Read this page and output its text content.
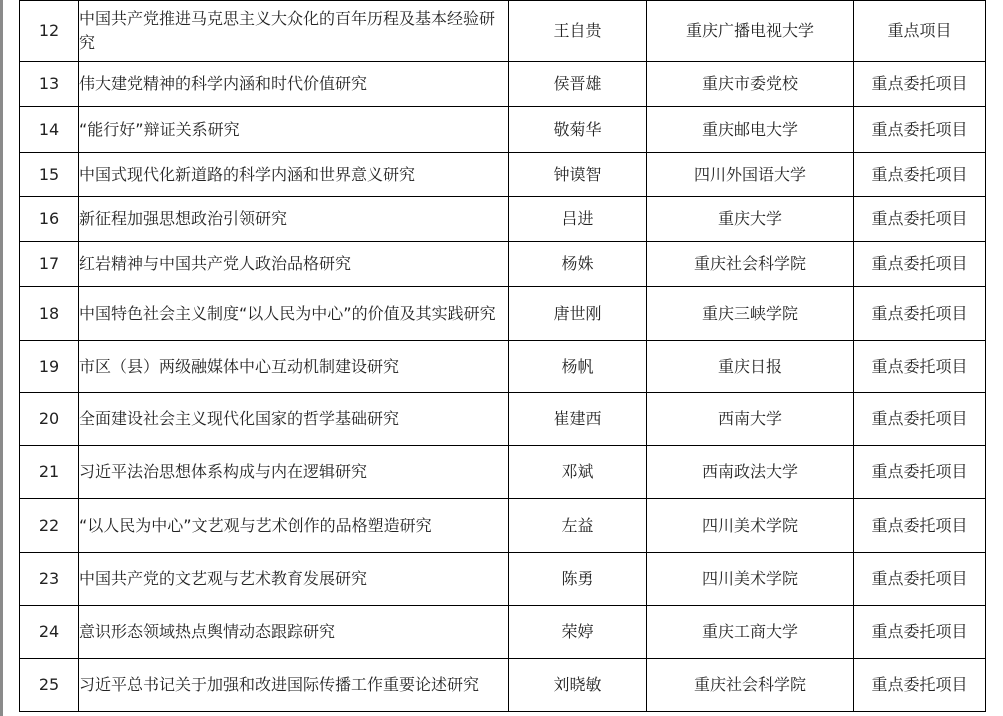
12	中国共产党推进马克思主义大众化的百年历程及基本经验研究	王自贵	重庆广播电视大学	重点项目
13	伟大建党精神的科学内涵和时代价值研究	侯晋雄	重庆市委党校	重点委托项目
14	“能行好”辩证关系研究	敬菊华	重庆邮电大学	重点委托项目
15	中国式现代化新道路的科学内涵和世界意义研究	钟谟智	四川外国语大学	重点委托项目
16	新征程加强思想政治引领研究	吕进	重庆大学	重点委托项目
17	红岩精神与中国共产党人政治品格研究	杨姝	重庆社会科学院	重点委托项目
18	中国特色社会主义制度“以人民为中心”的价值及其实践研究	唐世刚	重庆三峡学院	重点委托项目
19	市区（县）两级融媒体中心互动机制建设研究	杨帆	重庆日报	重点委托项目
20	全面建设社会主义现代化国家的哲学基础研究	崔建西	西南大学	重点委托项目
21	习近平法治思想体系构成与内在逻辑研究	邓斌	西南政法大学	重点委托项目
22	“以人民为中心”文艺观与艺术创作的品格塑造研究	左益	四川美术学院	重点委托项目
23	中国共产党的文艺观与艺术教育发展研究	陈勇	四川美术学院	重点委托项目
24	意识形态领域热点舆情动态跟踪研究	荣婷	重庆工商大学	重点委托项目
25	习近平总书记关于加强和改进国际传播工作重要论述研究	刘晓敏	重庆社会科学院	重点委托项目
